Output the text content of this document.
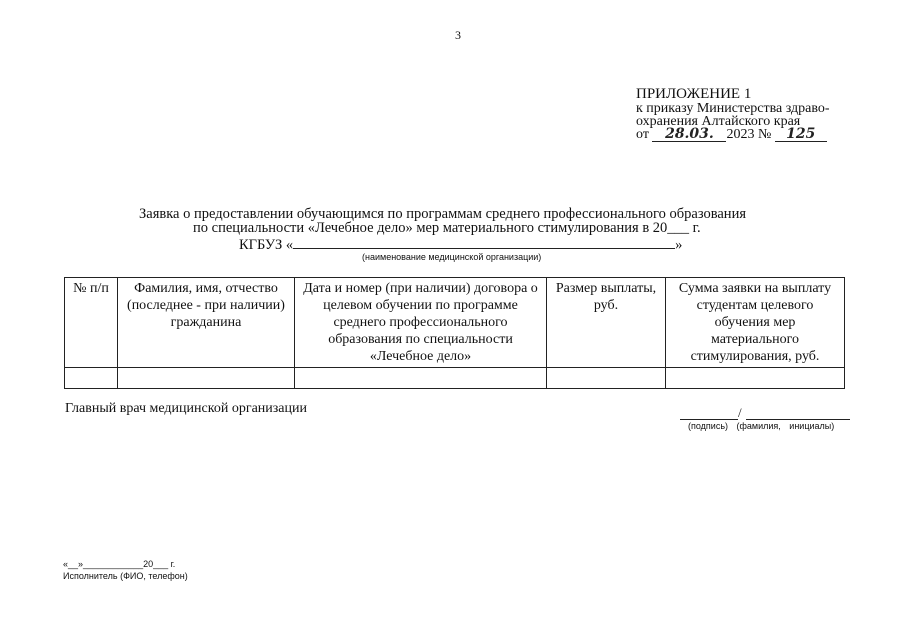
3
ПРИЛОЖЕНИЕ 1
к приказу Министерства здраво-
охранения Алтайского края
от 28.03. 2023 № 125
Заявка о предоставлении обучающимся по программам среднего профессионального образования
по специальности «Лечебное дело» мер материального стимулирования в 20___ г.
КГБУЗ «	»
(наименование медицинской организации)
№ п/п	Фамилия, имя, отчество (последнее - при наличии) гражданина	Дата и номер (при наличии) договора о целевом обучении по программе среднего профессионального образования по специальности «Лечебное дело»	Размер выплаты, руб.	Сумма заявки на выплату студентам целевого обучения мер материального стимулирования, руб.

Главный врач медицинской организации	/
(подпись) (фамилия, инициалы)
«__»____________20___ г.
Исполнитель (ФИО, телефон)
